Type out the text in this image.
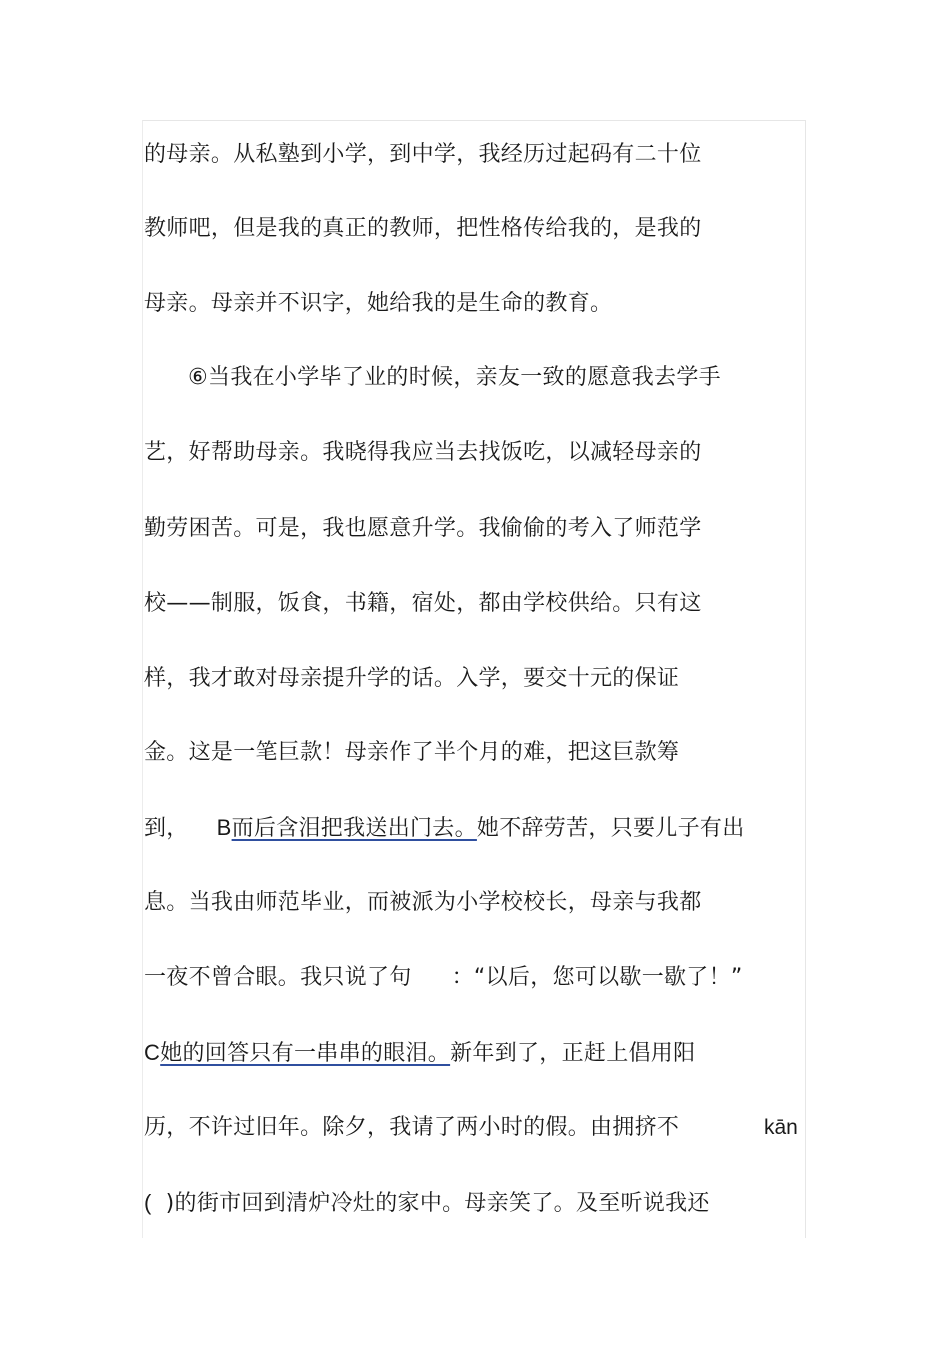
的母亲。从私塾到小学，到中学，我经历过起码有二十位
教师吧，但是我的真正的教师，把性格传给我的，是我的
母亲。母亲并不识字，她给我的是生命的教育。
⑥当我在小学毕了业的时候，亲友一致的愿意我去学手
艺，好帮助母亲。我晓得我应当去找饭吃，以减轻母亲的
勤劳困苦。可是，我也愿意升学。我偷偷的考入了师范学
校——制服，饭食，书籍，宿处，都由学校供给。只有这
样，我才敢对母亲提升学的话。入学，要交十元的保证
金。这是一笔巨款！母亲作了半个月的难，把这巨款筹
到， B而后含泪把我送出门去。她不辞劳苦，只要儿子有出
息。当我由师范毕业，而被派为小学校校长，母亲与我都
一夜不曾合眼。我只说了句 ：“以后，您可以歇一歇了！”
C她的回答只有一串串的眼泪。新年到了，正赶上倡用阳
历，不许过旧年。除夕，我请了两小时的假。由拥挤不	kān
( )的街市回到清炉冷灶的家中。母亲笑了。及至听说我还
